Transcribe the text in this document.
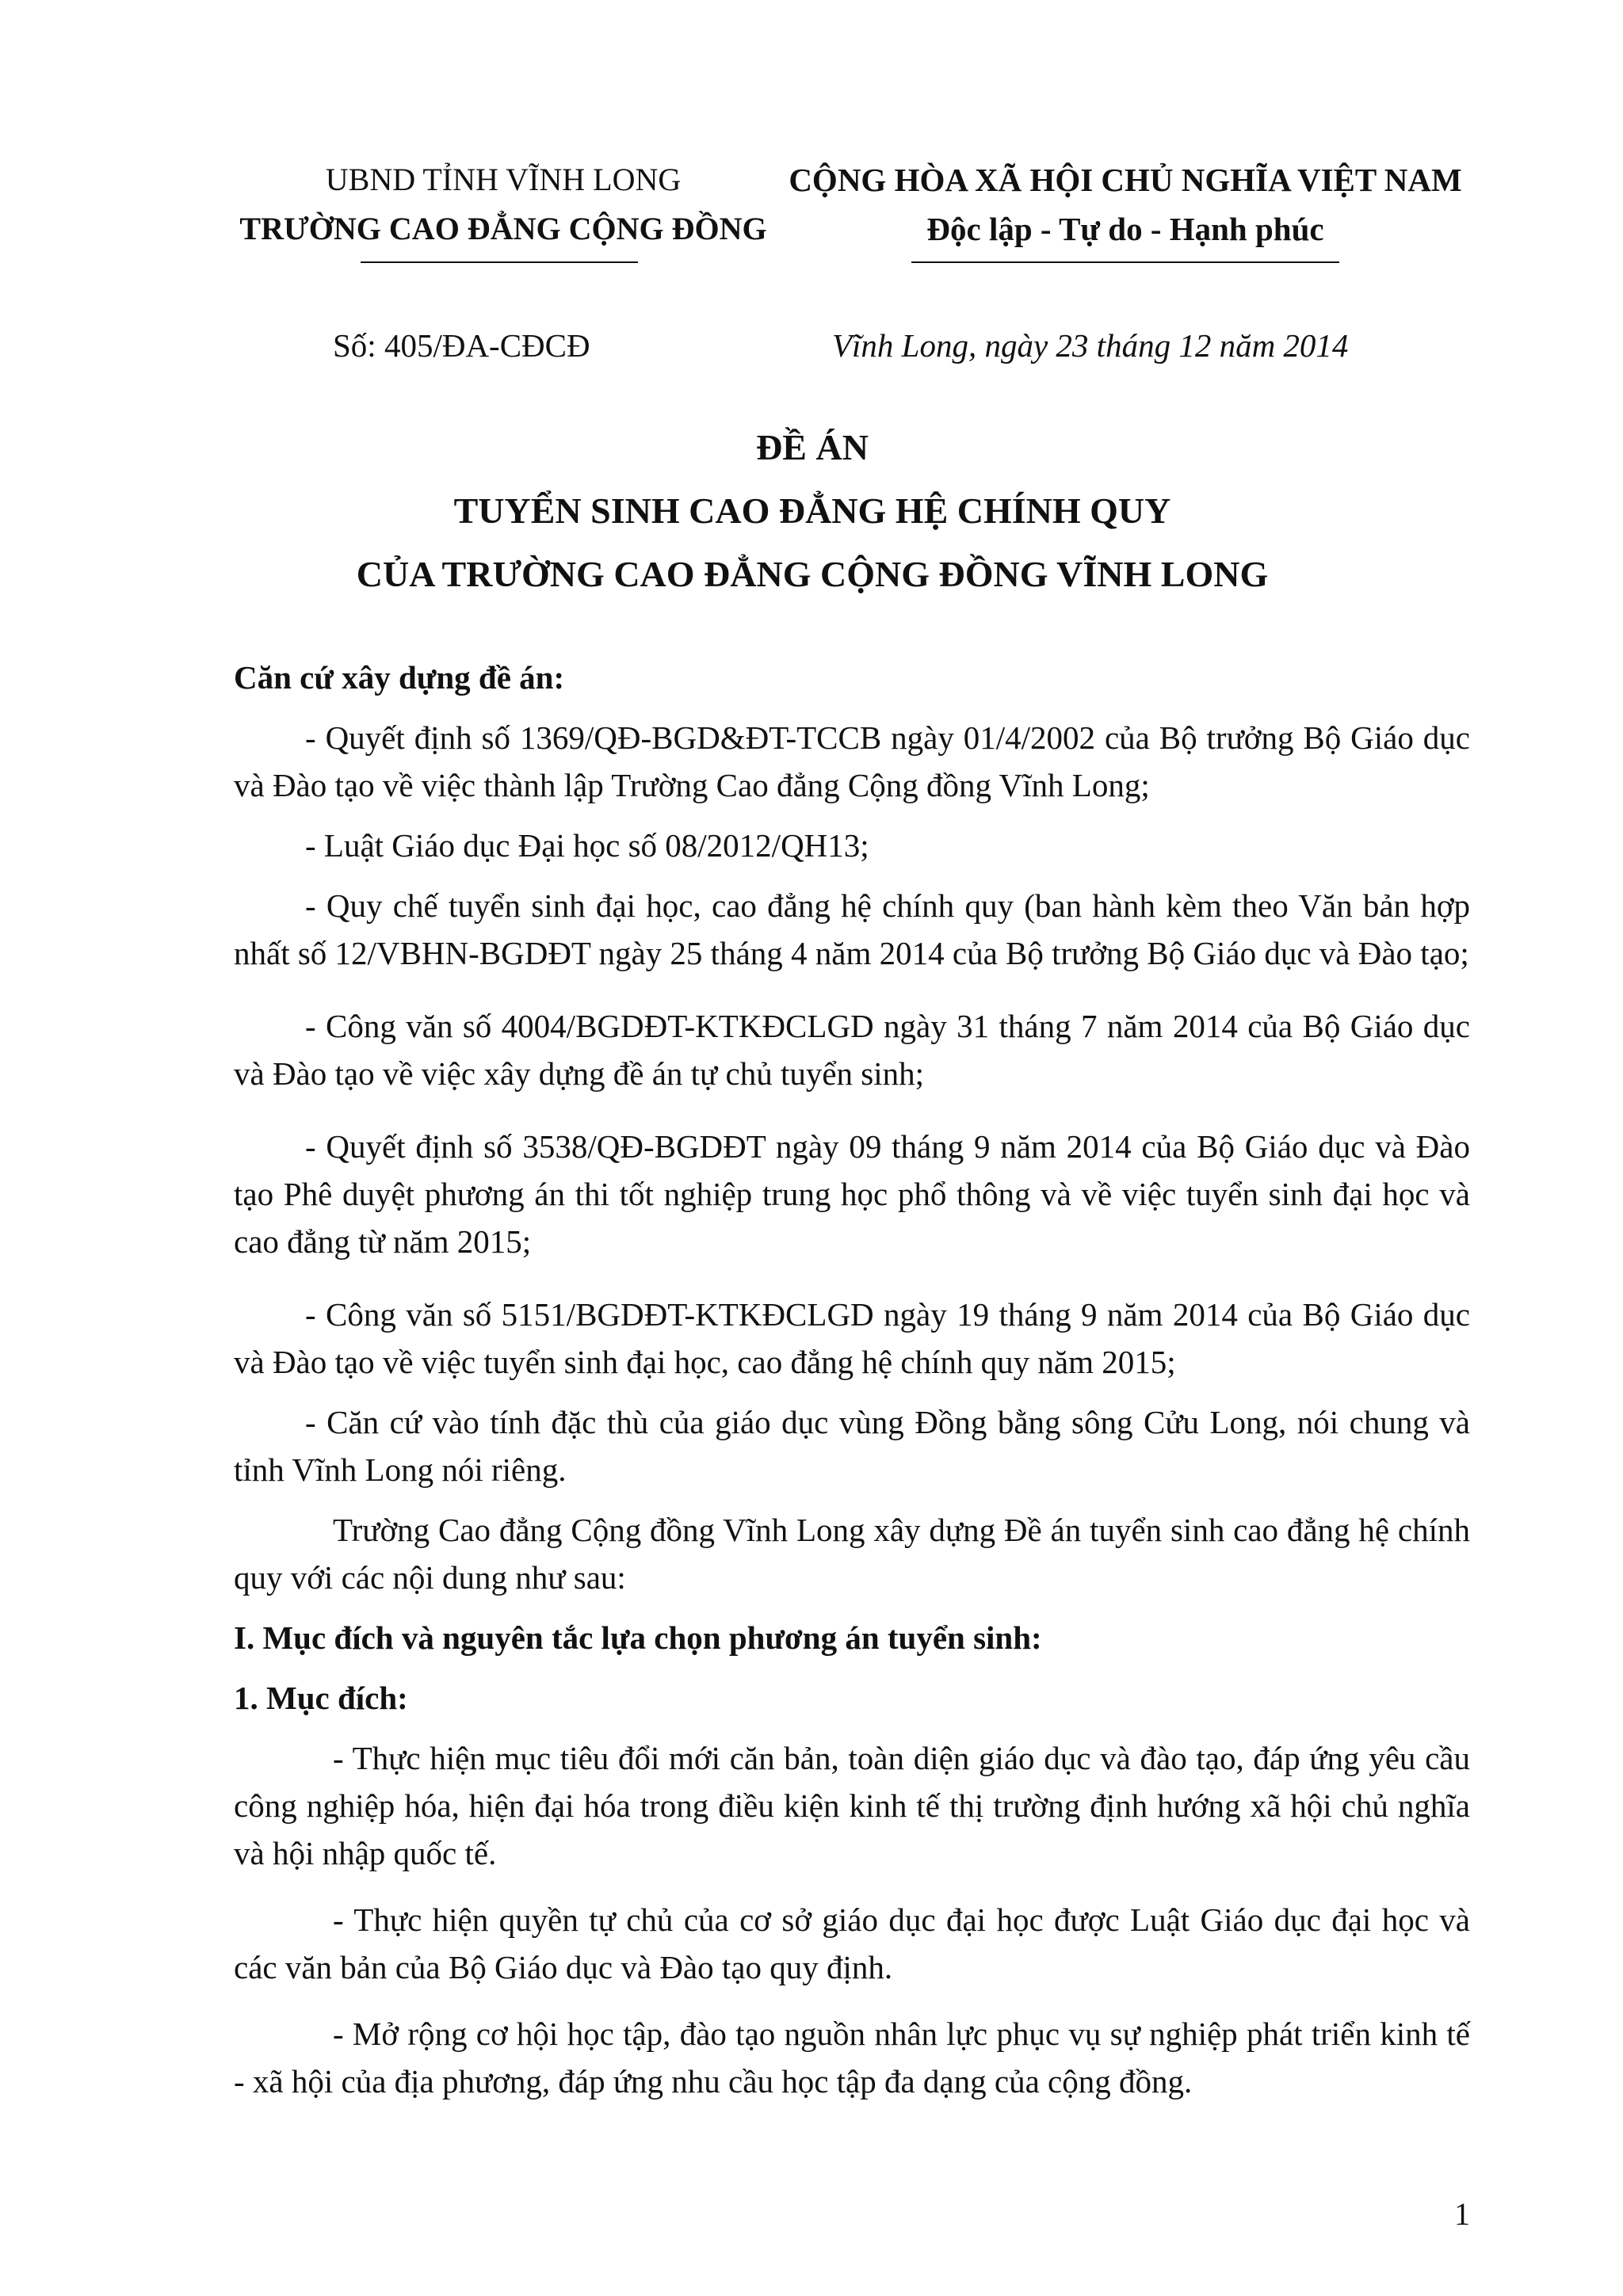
UBND TỈNH VĨNH LONG
TRƯỜNG CAO ĐẲNG CỘNG ĐỒNG
CỘNG HÒA XÃ HỘI CHỦ NGHĨA VIỆT NAM
Độc lập - Tự do - Hạnh phúc
Số: 405/ĐA-CĐCĐ	Vĩnh Long, ngày 23 tháng 12 năm 2014
ĐỀ ÁN
TUYỂN SINH CAO ĐẲNG HỆ CHÍNH QUY
CỦA TRƯỜNG CAO ĐẲNG CỘNG ĐỒNG VĨNH LONG

Căn cứ xây dựng đề án:

- Quyết định số 1369/QĐ-BGD&ĐT-TCCB ngày 01/4/2002 của Bộ trưởng Bộ Giáo dục và Đào tạo về việc thành lập Trường Cao đẳng Cộng đồng Vĩnh Long;

- Luật Giáo dục Đại học số 08/2012/QH13;

- Quy chế tuyển sinh đại học, cao đẳng hệ chính quy (ban hành kèm theo Văn bản hợp nhất số 12/VBHN-BGDĐT ngày 25 tháng 4 năm 2014 của Bộ trưởng Bộ Giáo dục và Đào tạo;

- Công văn số 4004/BGDĐT-KTKĐCLGD ngày 31 tháng 7 năm 2014 của Bộ Giáo dục và Đào tạo về việc xây dựng đề án tự chủ tuyển sinh;

- Quyết định số 3538/QĐ-BGDĐT ngày 09 tháng 9 năm 2014 của Bộ Giáo dục và Đào tạo Phê duyệt phương án thi tốt nghiệp trung học phổ thông và về việc tuyển sinh đại học và cao đẳng từ năm 2015;

- Công văn số 5151/BGDĐT-KTKĐCLGD ngày 19 tháng 9 năm 2014 của Bộ Giáo dục và Đào tạo về việc tuyển sinh đại học, cao đẳng hệ chính quy năm 2015;

- Căn cứ vào tính đặc thù của giáo dục vùng Đồng bằng sông Cửu Long, nói chung và tỉnh Vĩnh Long nói riêng.

Trường Cao đẳng Cộng đồng Vĩnh Long xây dựng Đề án tuyển sinh cao đẳng hệ chính quy với các nội dung như sau:

I. Mục đích và nguyên tắc lựa chọn phương án tuyển sinh:

1. Mục đích:

- Thực hiện mục tiêu đổi mới căn bản, toàn diện giáo dục và đào tạo, đáp ứng yêu cầu công nghiệp hóa, hiện đại hóa trong điều kiện kinh tế thị trường định hướng xã hội chủ nghĩa và hội nhập quốc tế.

- Thực hiện quyền tự chủ của cơ sở giáo dục đại học được Luật Giáo dục đại học và các văn bản của Bộ Giáo dục và Đào tạo quy định.

- Mở rộng cơ hội học tập, đào tạo nguồn nhân lực phục vụ sự nghiệp phát triển kinh tế - xã hội của địa phương, đáp ứng nhu cầu học tập đa dạng của cộng đồng.

1
